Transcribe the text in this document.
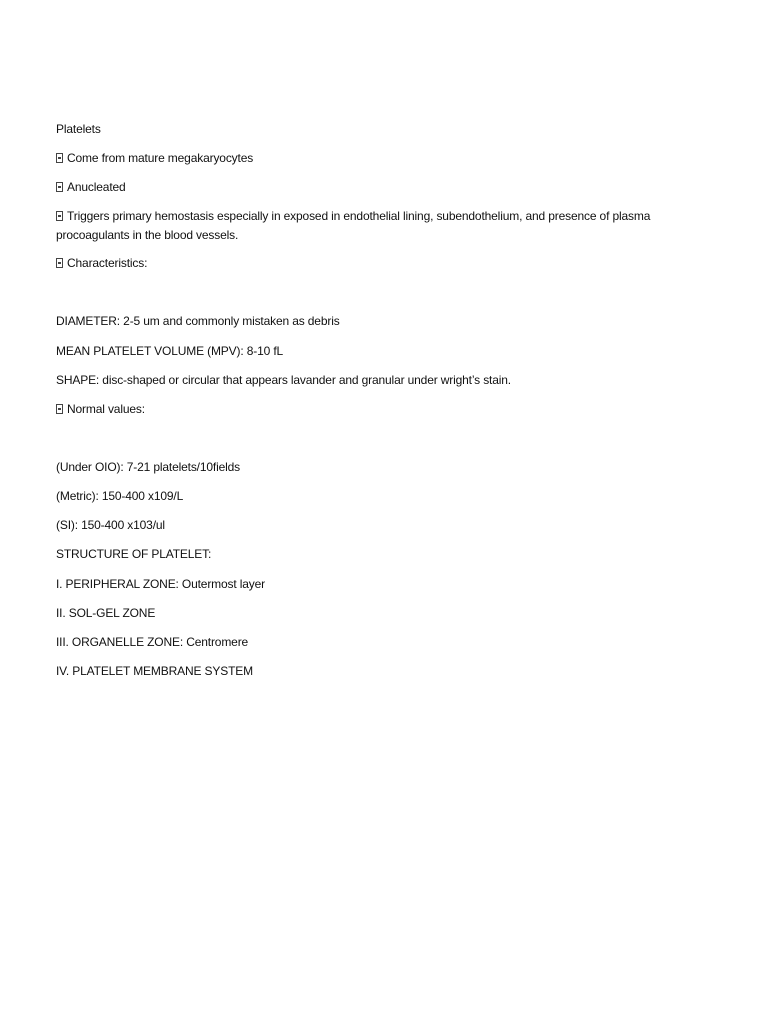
Platelets
Come from mature megakaryocytes
Anucleated
Triggers primary hemostasis especially in exposed in endothelial lining, subendothelium, and presence of plasma procoagulants in the blood vessels.
Characteristics:
DIAMETER: 2-5 um and commonly mistaken as debris
MEAN PLATELET VOLUME (MPV): 8-10 fL
SHAPE: disc-shaped or circular that appears lavander and granular under wright’s stain.
Normal values:
(Under OIO): 7-21 platelets/10fields
(Metric): 150-400 x109/L
(SI): 150-400 x103/ul
STRUCTURE OF PLATELET:
I. PERIPHERAL ZONE: Outermost layer
II. SOL-GEL ZONE
III. ORGANELLE ZONE: Centromere
IV. PLATELET MEMBRANE SYSTEM
